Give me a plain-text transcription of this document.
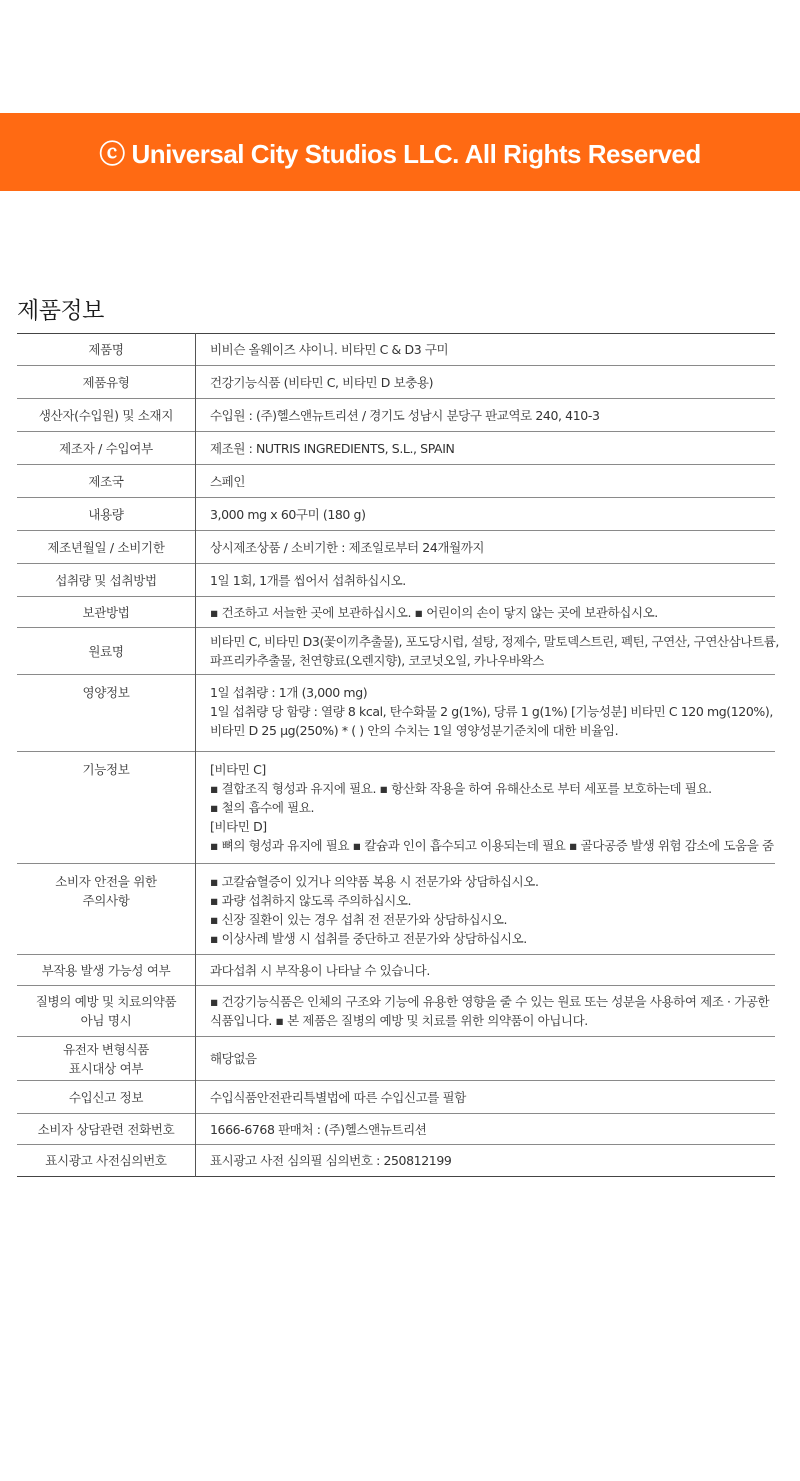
ⓒ Universal City Studios LLC. All Rights Reserved
제품정보
제품명	비비슨 올웨이즈 샤이니. 비타민 C & D3 구미

제품유형	건강기능식품 (비타민 C, 비타민 D 보충용)

생산자(수입원) 및 소재지	수입원 : (주)헬스앤뉴트리션 / 경기도 성남시 분당구 판교역로 240, 410-3

제조자 / 수입여부	제조원 : NUTRIS INGREDIENTS, S.L., SPAIN

제조국	스페인

내용량	3,000 mg x 60구미 (180 g)

제조년월일 / 소비기한	상시제조상품 / 소비기한 : 제조일로부터 24개월까지

섭취량 및 섭취방법	1일 1회, 1개를 씹어서 섭취하십시오.

보관방법	▪ 건조하고 서늘한 곳에 보관하십시오. ▪ 어린이의 손이 닿지 않는 곳에 보관하십시오.

원료명	비타민 C, 비타민 D3(꽃이끼추출물), 포도당시럽, 설탕, 정제수, 말토덱스트린, 펙틴, 구연산, 구연산삼나트륨,
파프리카추출물, 천연향료(오렌지향), 코코넛오일, 카나우바왁스

영양정보	1일 섭취량 : 1개 (3,000 mg)
1일 섭취량 당 함량 : 열량 8 kcal, 탄수화물 2 g(1%), 당류 1 g(1%) [기능성분] 비타민 C 120 mg(120%),
비타민 D 25 μg(250%) * ( ) 안의 수치는 1일 영양성분기준치에 대한 비율임.

기능정보	[비타민 C]
▪ 결합조직 형성과 유지에 필요. ▪ 항산화 작용을 하여 유해산소로 부터 세포를 보호하는데 필요.
▪ 철의 흡수에 필요.
[비타민 D]
▪ 뼈의 형성과 유지에 필요 ▪ 칼슘과 인이 흡수되고 이용되는데 필요 ▪ 골다공증 발생 위험 감소에 도움을 줌

소비자 안전을 위한
주의사항	▪ 고칼슘혈증이 있거나 의약품 복용 시 전문가와 상담하십시오.
▪ 과량 섭취하지 않도록 주의하십시오.
▪ 신장 질환이 있는 경우 섭취 전 전문가와 상담하십시오.
▪ 이상사례 발생 시 섭취를 중단하고 전문가와 상담하십시오.

부작용 발생 가능성 여부	과다섭취 시 부작용이 나타날 수 있습니다.

질병의 예방 및 치료의약품
아님 명시	▪ 건강기능식품은 인체의 구조와 기능에 유용한 영향을 줄 수 있는 원료 또는 성분을 사용하여 제조 · 가공한
식품입니다. ▪ 본 제품은 질병의 예방 및 치료를 위한 의약품이 아닙니다.

유전자 변형식품
표시대상 여부	해당없음

수입신고 정보	수입식품안전관리특별법에 따른 수입신고를 필함

소비자 상담관련 전화번호	1666-6768 판매처 : (주)헬스앤뉴트리션

표시광고 사전심의번호	표시광고 사전 심의필 심의번호 : 250812199
